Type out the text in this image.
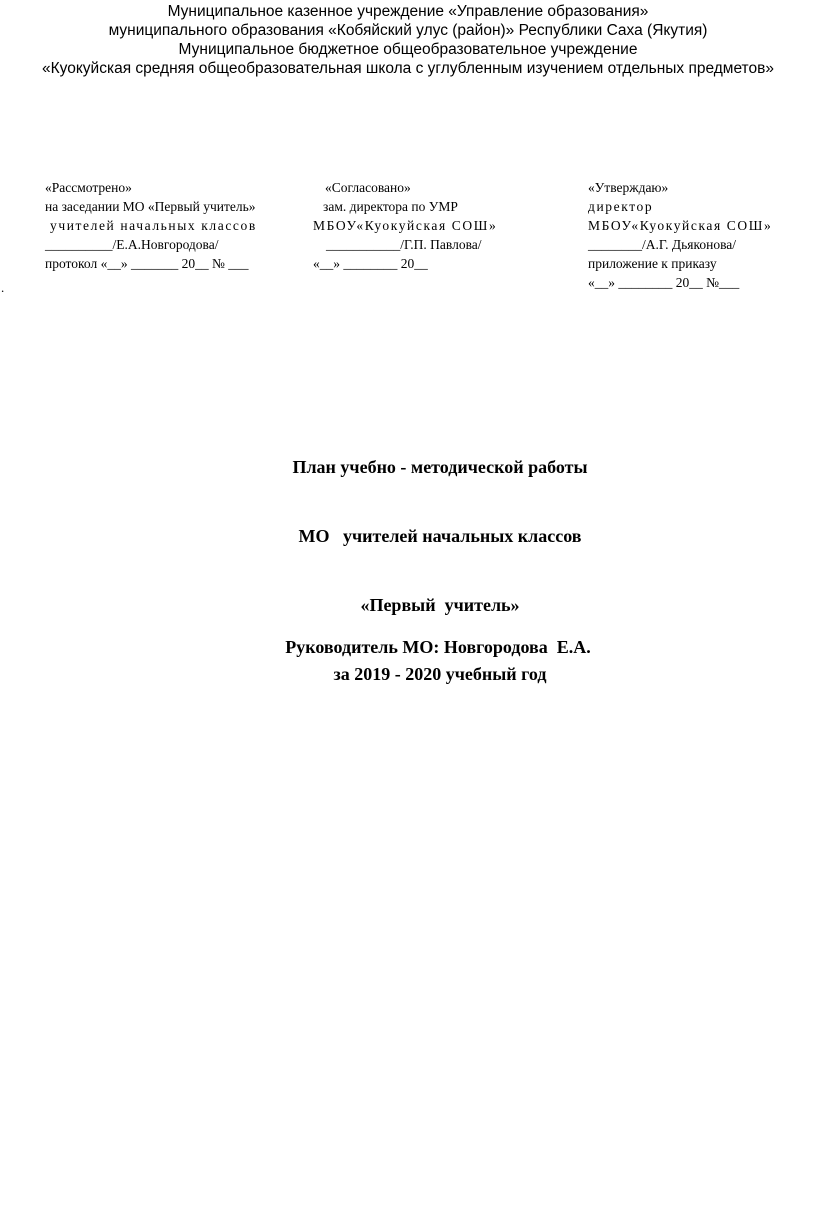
Муниципальное казенное учреждение «Управление образования»
муниципального образования «Кобяйский улус (район)» Республики Саха (Якутия)
Муниципальное бюджетное общеобразовательное учреждение
«Куокуйская средняя общеобразовательная школа с углубленным изучением отдельных предметов»
«Рассмотрено»
на заседании МО «Первый учитель»
учителей начальных классов
__________/Е.А.Новгородова/
протокол «__» _______ 20__ № ___
«Согласовано»
зам. директора по УМР
МБОУ«Куокуйская СОШ»
___________/Г.П. Павлова/
«__» ________ 20__
«Утверждаю»
директор
МБОУ«Куокуйская СОШ»
________/А.Г. Дьяконова/
приложение к приказу
«__» ________ 20__ №___
.

План учебно - методической работы

МО   учителей начальных классов

«Первый  учитель»

за 2019 - 2020 учебный год

Руководитель МО: Новгородова  Е.А.
